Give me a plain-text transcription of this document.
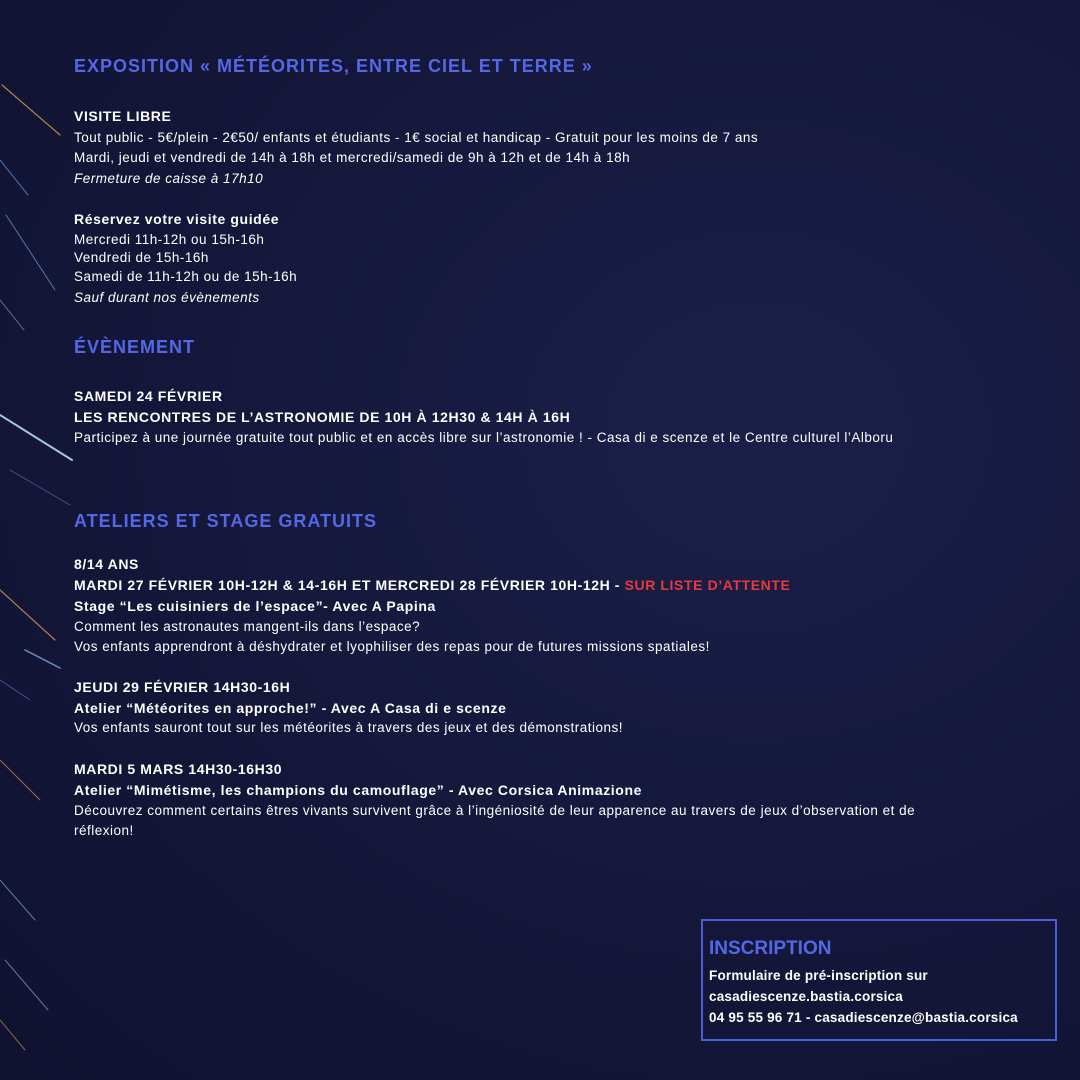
EXPOSITION « MÉTÉORITES, ENTRE CIEL ET TERRE »
VISITE LIBRE
Tout public - 5€/plein - 2€50/ enfants et étudiants - 1€ social et handicap - Gratuit pour les moins de 7 ans
Mardi, jeudi et vendredi de 14h à 18h et mercredi/samedi de 9h à 12h et de 14h à 18h
Fermeture de caisse à 17h10
Réservez votre visite guidée
Mercredi 11h-12h ou 15h-16h
Vendredi de 15h-16h
Samedi de 11h-12h ou de 15h-16h
Sauf durant nos évènements
ÉVÈNEMENT
SAMEDI 24 FÉVRIER
LES RENCONTRES DE L’ASTRONOMIE DE 10H À 12H30 & 14H À 16H
Participez à une journée gratuite tout public et en accès libre sur l’astronomie ! - Casa di e scenze et le Centre culturel l’Alboru
ATELIERS ET STAGE GRATUITS
8/14 ANS
MARDI 27 FÉVRIER 10H-12H & 14-16H ET MERCREDI 28 FÉVRIER 10H-12H - SUR LISTE D’ATTENTE
Stage “Les cuisiniers de l’espace”- Avec A Papina
Comment les astronautes mangent-ils dans l’espace?
Vos enfants apprendront à déshydrater et lyophiliser des repas pour de futures missions spatiales!
JEUDI 29 FÉVRIER 14H30-16H
Atelier “Météorites en approche!” - Avec A Casa di e scenze
Vos enfants sauront tout sur les météorites à travers des jeux et des démonstrations!
MARDI 5 MARS 14H30-16H30
Atelier “Mimétisme, les champions du camouflage” - Avec Corsica Animazione
Découvrez comment certains êtres vivants survivent grâce à l’ingéniosité de leur apparence au travers de jeux d’observation et de
réflexion!
INSCRIPTION
Formulaire de pré-inscription sur
casadiescenze.bastia.corsica
04 95 55 96 71 - casadiescenze@bastia.corsica
